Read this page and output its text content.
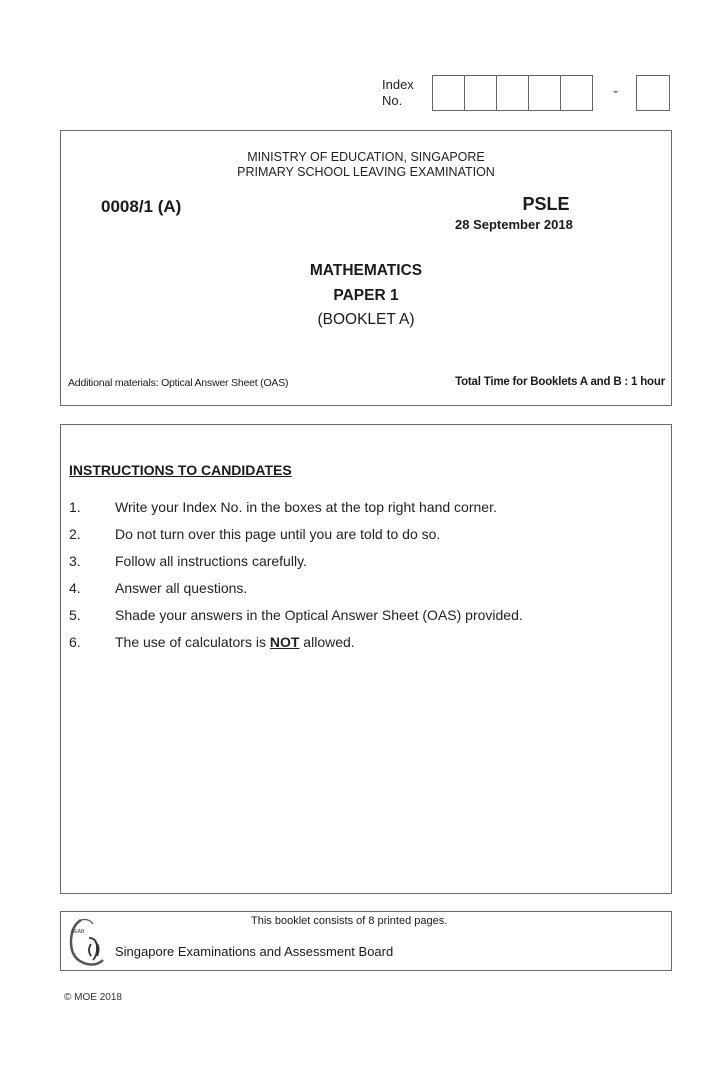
Index
No.
-
MINISTRY OF EDUCATION, SINGAPORE
PRIMARY SCHOOL LEAVING EXAMINATION
0008/1 (A)	PSLE
28 September 2018
MATHEMATICS
PAPER 1
(BOOKLET A)
Additional materials: Optical Answer Sheet (OAS)	Total Time for Booklets A and B : 1 hour
INSTRUCTIONS TO CANDIDATES
1. Write your Index No. in the boxes at the top right hand corner.
2. Do not turn over this page until you are told to do so.
3. Follow all instructions carefully.
4. Answer all questions.
5. Shade your answers in the Optical Answer Sheet (OAS) provided.
6. The use of calculators is NOT allowed.
This booklet consists of 8 printed pages.
SEAB
Singapore Examinations and Assessment Board
© MOE 2018
